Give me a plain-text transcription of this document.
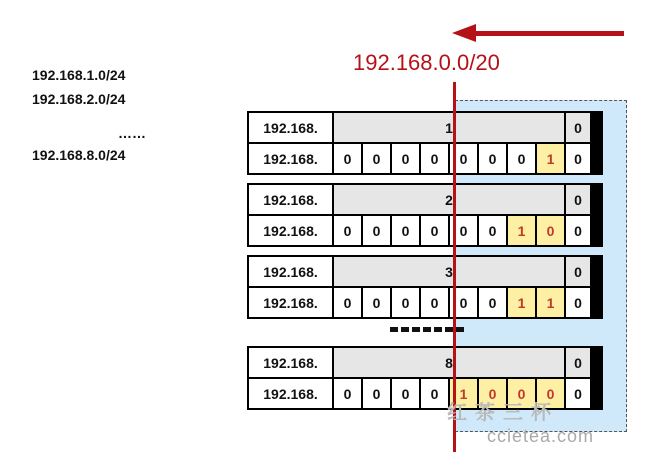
192.168.1.0/24
192.168.2.0/24
……
192.168.8.0/24
192.168.0.0/20
192.168.	1	0
192.168.	0	0	0	0	0	0	0	1	0
192.168.	2	0
192.168.	0	0	0	0	0	0	1	0	0
192.168.	3	0
192.168.	0	0	0	0	0	0	1	1	0
192.168.	8	0
192.168.	0	0	0	0	1	0	0	0	0
红茶三杯
ccietea.com
